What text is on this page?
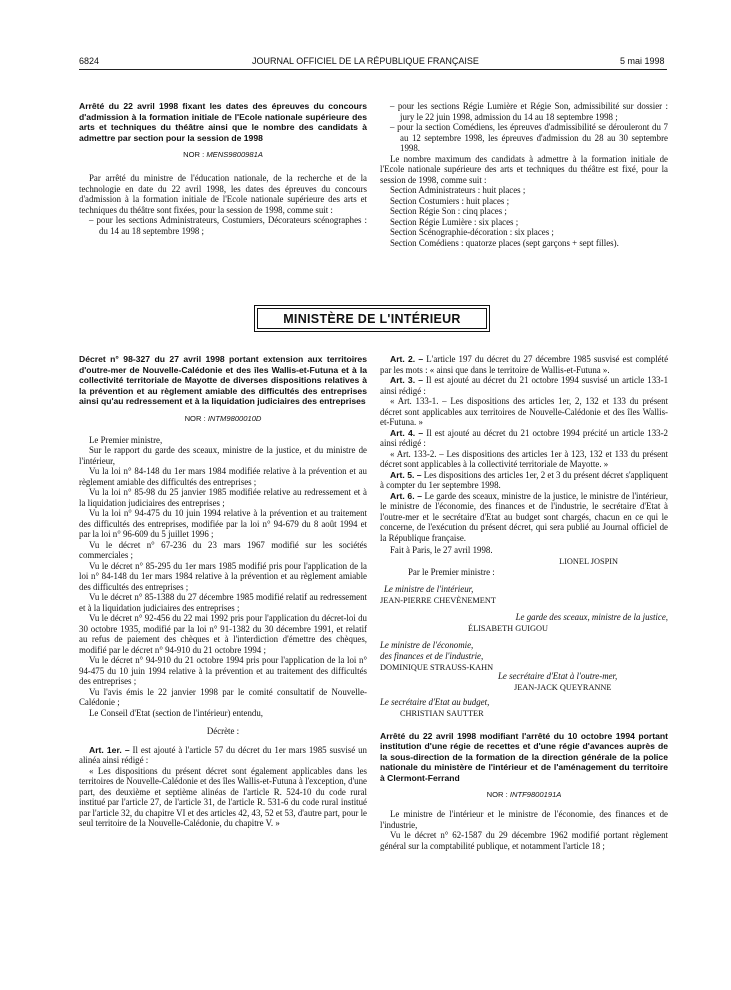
6824	JOURNAL OFFICIEL DE LA RÉPUBLIQUE FRANÇAISE	5 mai 1998

Arrêté du 22 avril 1998 fixant les dates des épreuves du concours d'admission à la formation initiale de l'Ecole nationale supérieure des arts et techniques du théâtre ainsi que le nombre des candidats à admettre par section pour la session de 1998

NOR : MENS9800981A

Par arrêté du ministre de l'éducation nationale, de la recherche et de la technologie en date du 22 avril 1998, les dates des épreuves du concours d'admission à la formation initiale de l'Ecole nationale supérieure des arts et techniques du théâtre sont fixées, pour la session de 1998, comme suit :

– pour les sections Administrateurs, Costumiers, Décorateurs scénographes : du 14 au 18 septembre 1998 ;

– pour les sections Régie Lumière et Régie Son, admissibilité sur dossier : jury le 22 juin 1998, admission du 14 au 18 septembre 1998 ;

– pour la section Comédiens, les épreuves d'admissibilité se dérouleront du 7 au 12 septembre 1998, les épreuves d'admission du 28 au 30 septembre 1998.

Le nombre maximum des candidats à admettre à la formation initiale de l'Ecole nationale supérieure des arts et techniques du théâtre est fixé, pour la session de 1998, comme suit :

Section Administrateurs : huit places ;

Section Costumiers : huit places ;

Section Régie Son : cinq places ;

Section Régie Lumière : six places ;

Section Scénographie-décoration : six places ;

Section Comédiens : quatorze places (sept garçons + sept filles).

MINISTÈRE DE L'INTÉRIEUR

Décret n° 98-327 du 27 avril 1998 portant extension aux territoires d'outre-mer de Nouvelle-Calédonie et des îles Wallis-et-Futuna et à la collectivité territoriale de Mayotte de diverses dispositions relatives à la prévention et au règlement amiable des difficultés des entreprises ainsi qu'au redressement et à la liquidation judiciaires des entreprises

NOR : INTM9800010D

Le Premier ministre,

Sur le rapport du garde des sceaux, ministre de la justice, et du ministre de l'intérieur,

Vu la loi n° 84-148 du 1er mars 1984 modifiée relative à la prévention et au règlement amiable des difficultés des entreprises ;

Vu la loi n° 85-98 du 25 janvier 1985 modifiée relative au redressement et à la liquidation judiciaires des entreprises ;

Vu la loi n° 94-475 du 10 juin 1994 relative à la prévention et au traitement des difficultés des entreprises, modifiée par la loi n° 94-679 du 8 août 1994 et par la loi n° 96-609 du 5 juillet 1996 ;

Vu le décret n° 67-236 du 23 mars 1967 modifié sur les sociétés commerciales ;

Vu le décret n° 85-295 du 1er mars 1985 modifié pris pour l'application de la loi n° 84-148 du 1er mars 1984 relative à la prévention et au règlement amiable des difficultés des entreprises ;

Vu le décret n° 85-1388 du 27 décembre 1985 modifié relatif au redressement et à la liquidation judiciaires des entreprises ;

Vu le décret n° 92-456 du 22 mai 1992 pris pour l'application du décret-loi du 30 octobre 1935, modifié par la loi n° 91-1382 du 30 décembre 1991, et relatif au refus de paiement des chèques et à l'interdiction d'émettre des chèques, modifié par le décret n° 94-910 du 21 octobre 1994 ;

Vu le décret n° 94-910 du 21 octobre 1994 pris pour l'application de la loi n° 94-475 du 10 juin 1994 relative à la prévention et au traitement des difficultés des entreprises ;

Vu l'avis émis le 22 janvier 1998 par le comité consultatif de Nouvelle-Calédonie ;

Le Conseil d'Etat (section de l'intérieur) entendu,

Décrète :

Art. 1er. – Il est ajouté à l'article 57 du décret du 1er mars 1985 susvisé un alinéa ainsi rédigé :

« Les dispositions du présent décret sont également applicables dans les territoires de Nouvelle-Calédonie et des îles Wallis-et-Futuna à l'exception, d'une part, des deuxième et septième alinéas de l'article R. 524-10 du code rural institué par l'article 27, de l'article 31, de l'article R. 531-6 du code rural institué par l'article 32, du chapitre VI et des articles 42, 43, 52 et 53, d'autre part, pour le seul territoire de la Nouvelle-Calédonie, du chapitre V. »

Art. 2. – L'article 197 du décret du 27 décembre 1985 susvisé est complété par les mots : « ainsi que dans le territoire de Wallis-et-Futuna ».

Art. 3. – Il est ajouté au décret du 21 octobre 1994 susvisé un article 133-1 ainsi rédigé :

« Art. 133-1. – Les dispositions des articles 1er, 2, 132 et 133 du présent décret sont applicables aux territoires de Nouvelle-Calédonie et des îles Wallis-et-Futuna. »

Art. 4. – Il est ajouté au décret du 21 octobre 1994 précité un article 133-2 ainsi rédigé :

« Art. 133-2. – Les dispositions des articles 1er à 123, 132 et 133 du présent décret sont applicables à la collectivité territoriale de Mayotte. »

Art. 5. – Les dispositions des articles 1er, 2 et 3 du présent décret s'appliquent à compter du 1er septembre 1998.

Art. 6. – Le garde des sceaux, ministre de la justice, le ministre de l'intérieur, le ministre de l'économie, des finances et de l'industrie, le secrétaire d'Etat à l'outre-mer et le secrétaire d'Etat au budget sont chargés, chacun en ce qui le concerne, de l'exécution du présent décret, qui sera publié au Journal officiel de la République française.

Fait à Paris, le 27 avril 1998.

LIONEL JOSPIN

Par le Premier ministre :

Le ministre de l'intérieur,

JEAN-PIERRE CHEVÈNEMENT

Le garde des sceaux, ministre de la justice,

ÉLISABETH GUIGOU

Le ministre de l'économie,

des finances et de l'industrie,

DOMINIQUE STRAUSS-KAHN

Le secrétaire d'Etat à l'outre-mer,

JEAN-JACK QUEYRANNE

Le secrétaire d'Etat au budget,

CHRISTIAN SAUTTER

Arrêté du 22 avril 1998 modifiant l'arrêté du 10 octobre 1994 portant institution d'une régie de recettes et d'une régie d'avances auprès de la sous-direction de la formation de la direction générale de la police nationale du ministère de l'intérieur et de l'aménagement du territoire à Clermont-Ferrand

NOR : INTF9800191A

Le ministre de l'intérieur et le ministre de l'économie, des finances et de l'industrie,

Vu le décret n° 62-1587 du 29 décembre 1962 modifié portant règlement général sur la comptabilité publique, et notamment l'article 18 ;
